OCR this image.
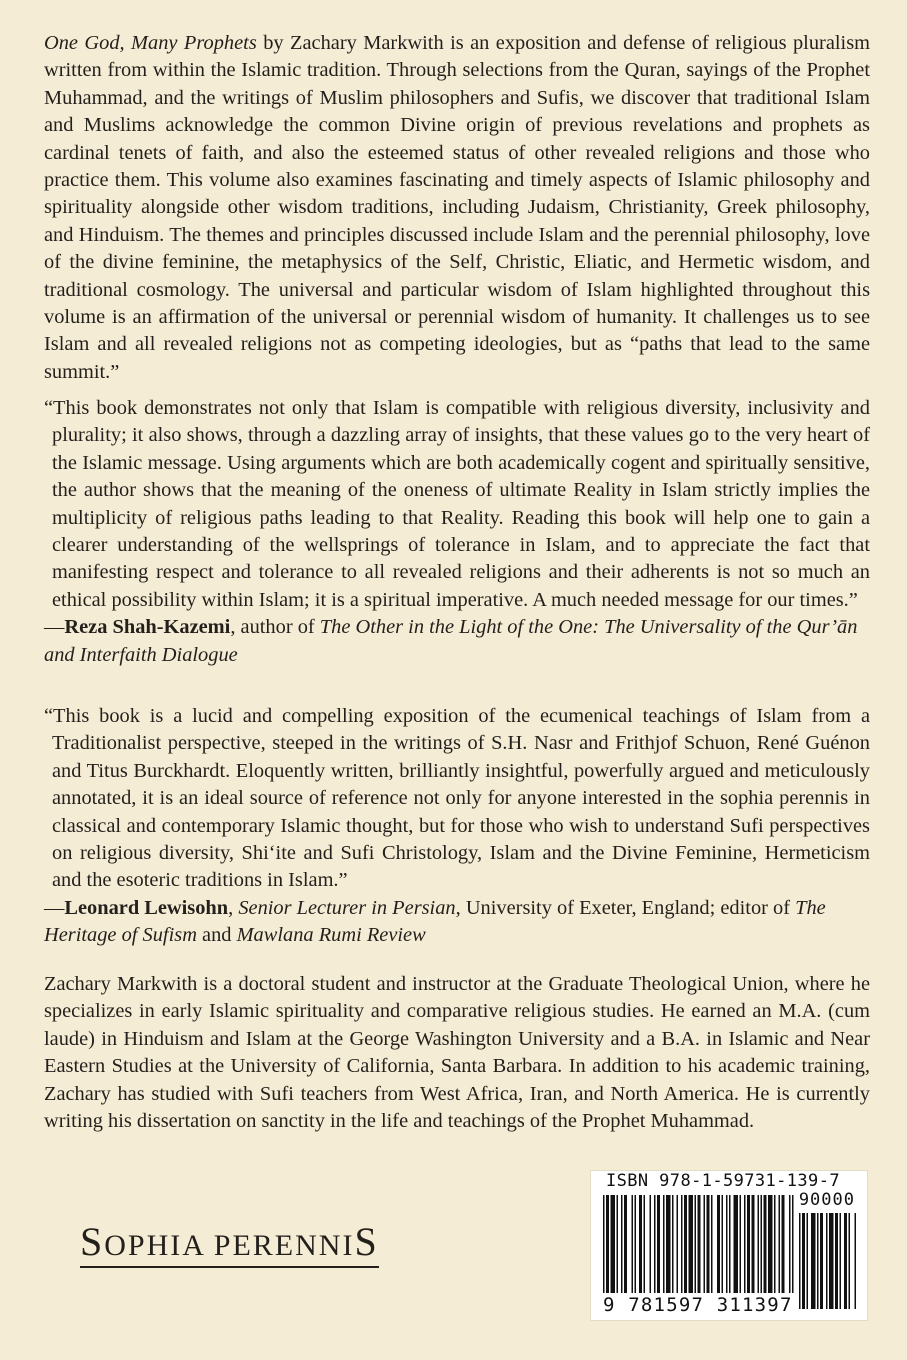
One God, Many Prophets by Zachary Markwith is an exposition and defense of religious pluralism written from within the Islamic tradition. Through selections from the Quran, sayings of the Prophet Muhammad, and the writings of Muslim philosophers and Sufis, we discover that traditional Islam and Muslims acknowledge the common Divine origin of previous revelations and prophets as cardinal tenets of faith, and also the esteemed status of other revealed religions and those who practice them. This volume also examines fascinating and timely aspects of Islamic philosophy and spirituality alongside other wisdom traditions, including Judaism, Christianity, Greek philosophy, and Hinduism. The themes and principles discussed include Islam and the perennial philosophy, love of the divine feminine, the metaphysics of the Self, Christic, Eliatic, and Hermetic wisdom, and traditional cosmology. The universal and particular wisdom of Islam highlighted throughout this volume is an affirmation of the universal or perennial wisdom of humanity. It challenges us to see Islam and all revealed religions not as competing ideologies, but as “paths that lead to the same summit.”

“This book demonstrates not only that Islam is compatible with religious diversity, inclusivity and plurality; it also shows, through a dazzling array of insights, that these values go to the very heart of the Islamic message. Using arguments which are both academically cogent and spiritually sensitive, the author shows that the meaning of the oneness of ultimate Reality in Islam strictly implies the multiplicity of religious paths leading to that Reality. Reading this book will help one to gain a clearer understanding of the wellsprings of tolerance in Islam, and to appreciate the fact that manifesting respect and tolerance to all revealed religions and their adherents is not so much an ethical possibility within Islam; it is a spiritual imperative. A much needed message for our times.”

—Reza Shah-Kazemi, author of The Other in the Light of the One: The Universality of the Qur’ān and Interfaith Dialogue

“This book is a lucid and compelling exposition of the ecumenical teachings of Islam from a Traditionalist perspective, steeped in the writings of S.H. Nasr and Frithjof Schuon, René Guénon and Titus Burckhardt. Eloquently written, brilliantly insightful, powerfully argued and meticulously annotated, it is an ideal source of reference not only for anyone interested in the sophia perennis in classical and contemporary Islamic thought, but for those who wish to understand Sufi perspectives on religious diversity, Shi‘ite and Sufi Christology, Islam and the Divine Feminine, Hermeticism and the esoteric traditions in Islam.”

—Leonard Lewisohn, Senior Lecturer in Persian, University of Exeter, England; editor of The Heritage of Sufism and Mawlana Rumi Review

Zachary Markwith is a doctoral student and instructor at the Graduate Theological Union, where he specializes in early Islamic spirituality and comparative religious studies. He earned an M.A. (cum laude) in Hinduism and Islam at the George Washington University and a B.A. in Islamic and Near Eastern Studies at the University of California, Santa Barbara. In addition to his academic training, Zachary has studied with Sufi teachers from West Africa, Iran, and North America. He is currently writing his dissertation on sanctity in the life and teachings of the Prophet Muhammad.

SOPHIA PERENNIS
ISBN 978-1-59731-139-7
90000
9 781597 311397
